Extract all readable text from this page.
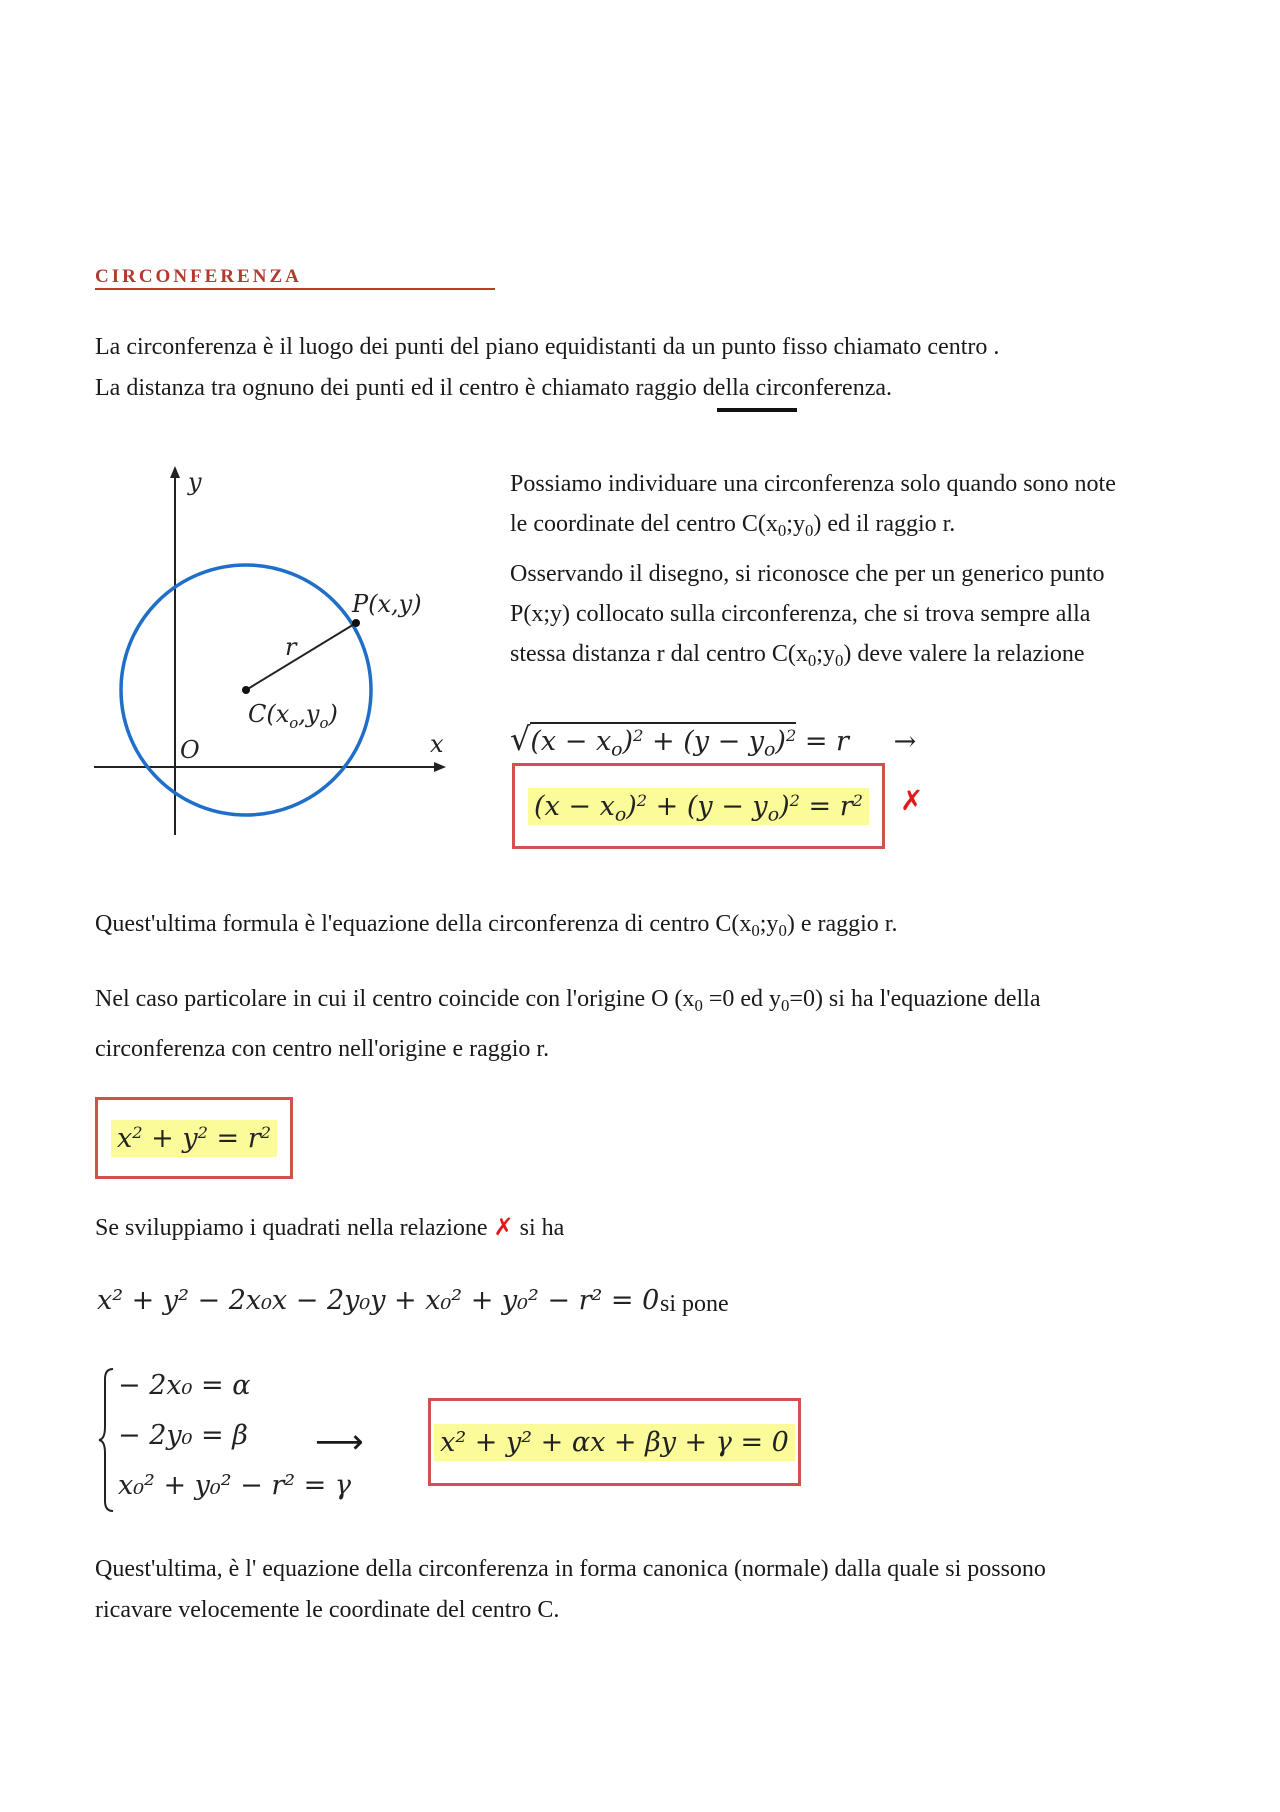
CIRCONFERENZA
La circonferenza è il luogo dei punti del piano equidistanti da un punto fisso chiamato centro .
La distanza tra ognuno dei punti ed il centro è chiamato raggio della circonferenza.
y
x
O
P(x,y)
r
$C(x_o,y_o)$
Possiamo individuare una circonferenza solo quando sono note
le coordinate del centro $C(x_0;y_0)$ ed il raggio r.
Osservando il disegno, si riconosce che per un generico punto
P(x;y) collocato sulla circonferenza, che si trova sempre alla
stessa distanza r dal centro $C(x_0;y_0)$ deve valere la relazione
$√(x - x_o)^2 + (y - y_o)^2 = r$ →
$(x - x_o)^2 + (y - y_o)^2 = r^2$ ✗
Quest'ultima formula è l'equazione della circonferenza di centro $C(x_0;y_0)$ e raggio r.
Nel caso particolare in cui il centro coincide con l'origine O ($x_0 =0$ ed $y_0=0$) si ha l'equazione della
circonferenza con centro nell'origine e raggio r.
$x^2 + y^2 = r^2$
Se sviluppiamo i quadrati nella relazione ✗ si ha
x² + y² − 2x₀x − 2y₀y + x₀² + y₀² − r² = 0 si pone
− 2x₀ = α
− 2y₀ = β
x₀² + y₀² − r² = γ
⟶	x² + y² + αx + βy + γ = 0
Quest'ultima, è l' equazione della circonferenza in forma canonica (normale) dalla quale si possono
ricavare velocemente le coordinate del centro C.
